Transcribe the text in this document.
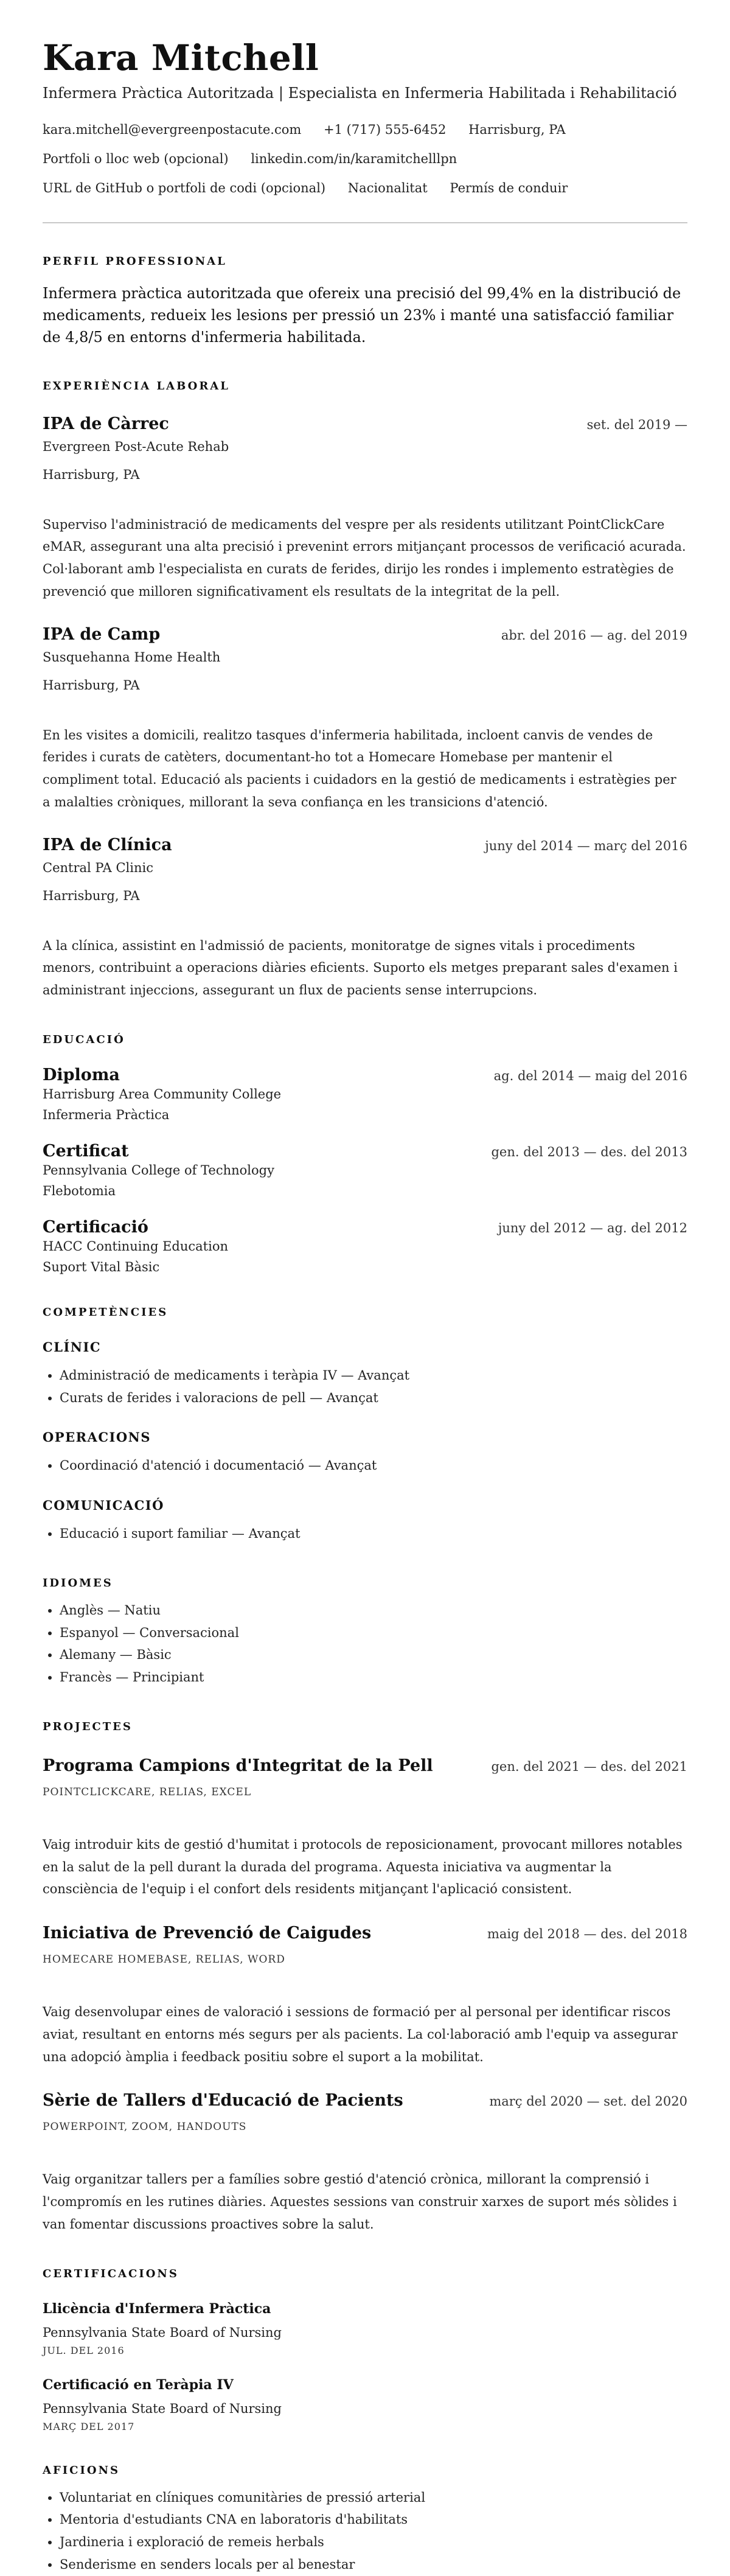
Kara Mitchell
Infermera Pràctica Autoritzada | Especialista en Infermeria Habilitada i Rehabilitació
kara.mitchell@evergreenpostacute.com +1 (717) 555-6452 Harrisburg, PA
Portfoli o lloc web (opcional) linkedin.com/in/karamitchelllpn
URL de GitHub o portfoli de codi (opcional) Nacionalitat Permís de conduir
PERFIL PROFESSIONAL
Infermera pràctica autoritzada que ofereix una precisió del 99,4% en la distribució de medicaments, redueix les lesions per pressió un 23% i manté una satisfacció familiar de 4,8/5 en entorns d'infermeria habilitada.
EXPERIÈNCIA LABORAL
IPA de Càrrec	set. del 2019 —
Evergreen Post-Acute Rehab
Harrisburg, PA
Superviso l'administració de medicaments del vespre per als residents utilitzant PointClickCare eMAR, assegurant una alta precisió i prevenint errors mitjançant processos de verificació acurada. Col·laborant amb l'especialista en curats de ferides, dirijo les rondes i implemento estratègies de prevenció que milloren significativament els resultats de la integritat de la pell.
IPA de Camp	abr. del 2016 — ag. del 2019
Susquehanna Home Health
Harrisburg, PA
En les visites a domicili, realitzo tasques d'infermeria habilitada, incloent canvis de vendes de ferides i curats de catèters, documentant-ho tot a Homecare Homebase per mantenir el compliment total. Educació als pacients i cuidadors en la gestió de medicaments i estratègies per a malalties cròniques, millorant la seva confiança en les transicions d'atenció.
IPA de Clínica	juny del 2014 — març del 2016
Central PA Clinic
Harrisburg, PA
A la clínica, assistint en l'admissió de pacients, monitoratge de signes vitals i procediments menors, contribuint a operacions diàries eficients. Suporto els metges preparant sales d'examen i administrant injeccions, assegurant un flux de pacients sense interrupcions.
EDUCACIÓ
Diploma	ag. del 2014 — maig del 2016
Harrisburg Area Community College
Infermeria Pràctica
Certificat	gen. del 2013 — des. del 2013
Pennsylvania College of Technology
Flebotomia
Certificació	juny del 2012 — ag. del 2012
HACC Continuing Education
Suport Vital Bàsic
COMPETÈNCIES
CLÍNIC
• Administració de medicaments i teràpia IV — Avançat
• Curats de ferides i valoracions de pell — Avançat
OPERACIONS
• Coordinació d'atenció i documentació — Avançat
COMUNICACIÓ
• Educació i suport familiar — Avançat
IDIOMES
• Anglès — Natiu
• Espanyol — Conversacional
• Alemany — Bàsic
• Francès — Principiant
PROJECTES
Programa Campions d'Integritat de la Pell	gen. del 2021 — des. del 2021
POINTCLICKCARE, RELIAS, EXCEL
Vaig introduir kits de gestió d'humitat i protocols de reposicionament, provocant millores notables en la salut de la pell durant la durada del programa. Aquesta iniciativa va augmentar la consciència de l'equip i el confort dels residents mitjançant l'aplicació consistent.
Iniciativa de Prevenció de Caigudes	maig del 2018 — des. del 2018
HOMECARE HOMEBASE, RELIAS, WORD
Vaig desenvolupar eines de valoració i sessions de formació per al personal per identificar riscos aviat, resultant en entorns més segurs per als pacients. La col·laboració amb l'equip va assegurar una adopció àmplia i feedback positiu sobre el suport a la mobilitat.
Sèrie de Tallers d'Educació de Pacients	març del 2020 — set. del 2020
POWERPOINT, ZOOM, HANDOUTS
Vaig organitzar tallers per a famílies sobre gestió d'atenció crònica, millorant la comprensió i l'compromís en les rutines diàries. Aquestes sessions van construir xarxes de suport més sòlides i van fomentar discussions proactives sobre la salut.
CERTIFICACIONS
Llicència d'Infermera Pràctica
Pennsylvania State Board of Nursing
JUL. DEL 2016
Certificació en Teràpia IV
Pennsylvania State Board of Nursing
MARÇ DEL 2017
AFICIONS
• Voluntariat en clíniques comunitàries de pressió arterial
• Mentoria d'estudiants CNA en laboratoris d'habilitats
• Jardineria i exploració de remeis herbals
• Senderisme en senders locals per al benestar
